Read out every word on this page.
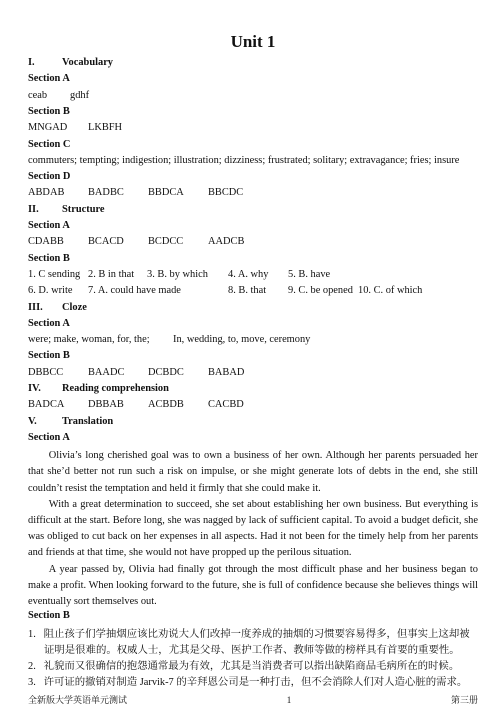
Unit 1
I.	Vocabulary
Section A
ceab gdhf
Section B
MNGAD LKBFH
Section C
commuters; tempting; indigestion; illustration; dizziness; frustrated; solitary; extravagance; fries; insure
Section D
ABDAB BADBC BBDCA BBCDC
II. Structure
Section A
CDABB BCACD BCDCC AADCB
Section B
1. C sending 2. B in that 3. B. by which 4. A. why 5. B. have
6. D. write 7. A. could have made	8. B. that 9. C. be opened 10. C. of which
III. Cloze
Section A
were; make, woman, for, the; In, wedding, to, move, ceremony
Section B
DBBCC BAADC DCBDC BABAD
IV. Reading comprehension
BADCA DBBAB ACBDB CACBD
V. Translation
Section A

Olivia’s long cherished goal was to own a business of her own. Although her parents persuaded her that she’d better not run such a risk on impulse, or she might generate lots of debts in the end, she still couldn’t resist the temptation and held it firmly that she could make it.

With a great determination to succeed, she set about establishing her own business. But everything is difficult at the start. Before long, she was nagged by lack of sufficient capital. To avoid a budget deficit, she was obliged to cut back on her expenses in all aspects. Had it not been for the timely help from her parents and friends at that time, she would not have propped up the perilous situation.

A year passed by, Olivia had finally got through the most difficult phase and her business began to make a profit. When looking forward to the future, she is full of confidence because she believes things will eventually sort themselves out.

Section B

1.   阻止孩子们学抽烟应该比劝说大人们改掉一度养成的抽烟的习惯要容易得多，但事实上这却被证明是很难的。权威人士，尤其是父母、医护工作者、教师等做的榜样具有首要的重要性。

2.   礼貌而又很确信的抱怨通常最为有效，尤其是当消费者可以指出缺陷商品毛病所在的时候。

3.   许可证的撤销对制造 Jarvik-7 的辛拜恩公司是一种打击，但不会消除人们对人造心脏的需求。

全新版大学英语单元测试	1	第三册
